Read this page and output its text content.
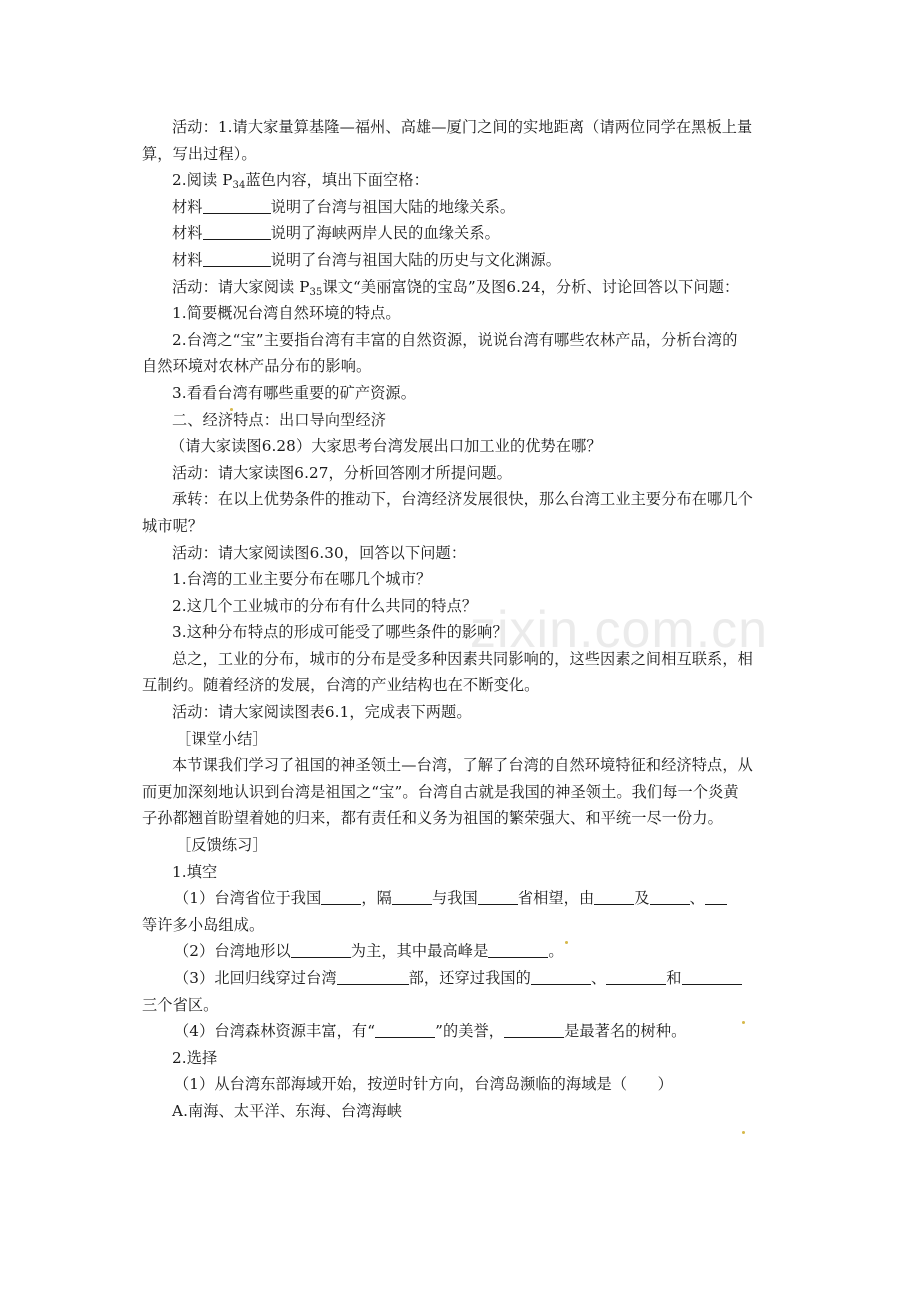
zixin.com.cn
活动：1.请大家量算基隆—福州、高雄—厦门之间的实地距离（请两位同学在黑板上量
算，写出过程）。
2.阅读 $P_{34}$蓝色内容，填出下面空格：
材料	说明了台湾与祖国大陆的地缘关系。
材料	说明了海峡两岸人民的血缘关系。
材料	说明了台湾与祖国大陆的历史与文化渊源。
活动：请大家阅读 $P_{35}$课文“美丽富饶的宝岛”及图6.24，分析、讨论回答以下问题：
1.简要概况台湾自然环境的特点。
2.台湾之“宝”主要指台湾有丰富的自然资源，说说台湾有哪些农林产品，分析台湾的
自然环境对农林产品分布的影响。
3.看看台湾有哪些重要的矿产资源。
二、经济特点：出口导向型经济
（请大家读图6.28）大家思考台湾发展出口加工业的优势在哪？
活动：请大家读图6.27，分析回答刚才所提问题。
承转：在以上优势条件的推动下，台湾经济发展很快，那么台湾工业主要分布在哪几个
城市呢？
活动：请大家阅读图6.30，回答以下问题：
1.台湾的工业主要分布在哪几个城市？
2.这几个工业城市的分布有什么共同的特点？
3.这种分布特点的形成可能受了哪些条件的影响？
总之，工业的分布，城市的分布是受多种因素共同影响的，这些因素之间相互联系，相
互制约。随着经济的发展，台湾的产业结构也在不断变化。
活动：请大家阅读图表6.1，完成表下两题。
［课堂小结］
本节课我们学习了祖国的神圣领土—台湾，了解了台湾的自然环境特征和经济特点，从
而更加深刻地认识到台湾是祖国之“宝”。台湾自古就是我国的神圣领土。我们每一个炎黄
子孙都翘首盼望着她的归来，都有责任和义务为祖国的繁荣强大、和平统一尽一份力。
［反馈练习］
1.填空
（1）台湾省位于我国	，隔	与我国	省相望，由	及	、
等许多小岛组成。
（2）台湾地形以	为主，其中最高峰是	。
（3）北回归线穿过台湾	部，还穿过我国的	、	和
三个省区。
（4）台湾森林资源丰富，有“	”的美誉，	是最著名的树种。
2.选择
（1）从台湾东部海域开始，按逆时针方向，台湾岛濒临的海域是（　　）
A.南海、太平洋、东海、台湾海峡
